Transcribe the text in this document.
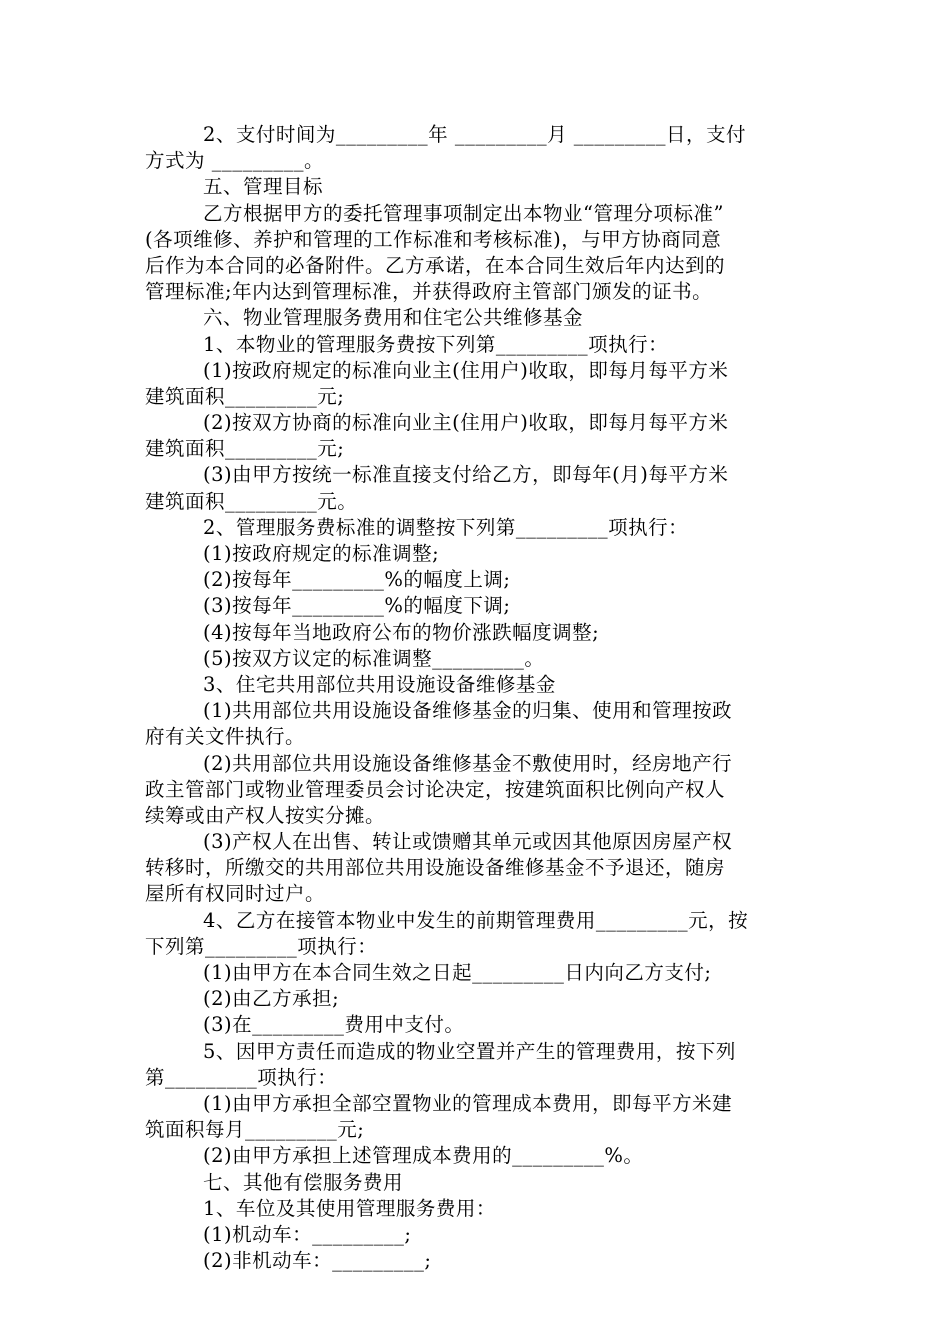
2、支付时间为_________年 _________月 _________日，支付
方式为 _________。
五、管理目标
乙方根据甲方的委托管理事项制定出本物业“管理分项标准”
(各项维修、养护和管理的工作标准和考核标准)，与甲方协商同意
后作为本合同的必备附件。乙方承诺，在本合同生效后年内达到的
管理标准;年内达到管理标准，并获得政府主管部门颁发的证书。
六、物业管理服务费用和住宅公共维修基金
1、本物业的管理服务费按下列第_________项执行：
(1)按政府规定的标准向业主(住用户)收取，即每月每平方米
建筑面积_________元;
(2)按双方协商的标准向业主(住用户)收取，即每月每平方米
建筑面积_________元;
(3)由甲方按统一标准直接支付给乙方，即每年(月)每平方米
建筑面积_________元。
2、管理服务费标准的调整按下列第_________项执行：
(1)按政府规定的标准调整;
(2)按每年_________%的幅度上调;
(3)按每年_________%的幅度下调;
(4)按每年当地政府公布的物价涨跌幅度调整;
(5)按双方议定的标准调整_________。
3、住宅共用部位共用设施设备维修基金
(1)共用部位共用设施设备维修基金的归集、使用和管理按政
府有关文件执行。
(2)共用部位共用设施设备维修基金不敷使用时，经房地产行
政主管部门或物业管理委员会讨论决定，按建筑面积比例向产权人
续筹或由产权人按实分摊。
(3)产权人在出售、转让或馈赠其单元或因其他原因房屋产权
转移时，所缴交的共用部位共用设施设备维修基金不予退还，随房
屋所有权同时过户。
4、乙方在接管本物业中发生的前期管理费用_________元，按
下列第_________项执行：
(1)由甲方在本合同生效之日起_________日内向乙方支付;
(2)由乙方承担;
(3)在_________费用中支付。
5、因甲方责任而造成的物业空置并产生的管理费用，按下列
第_________项执行：
(1)由甲方承担全部空置物业的管理成本费用，即每平方米建
筑面积每月_________元;
(2)由甲方承担上述管理成本费用的_________%。
七、其他有偿服务费用
1、车位及其使用管理服务费用：
(1)机动车：_________;
(2)非机动车：_________;
